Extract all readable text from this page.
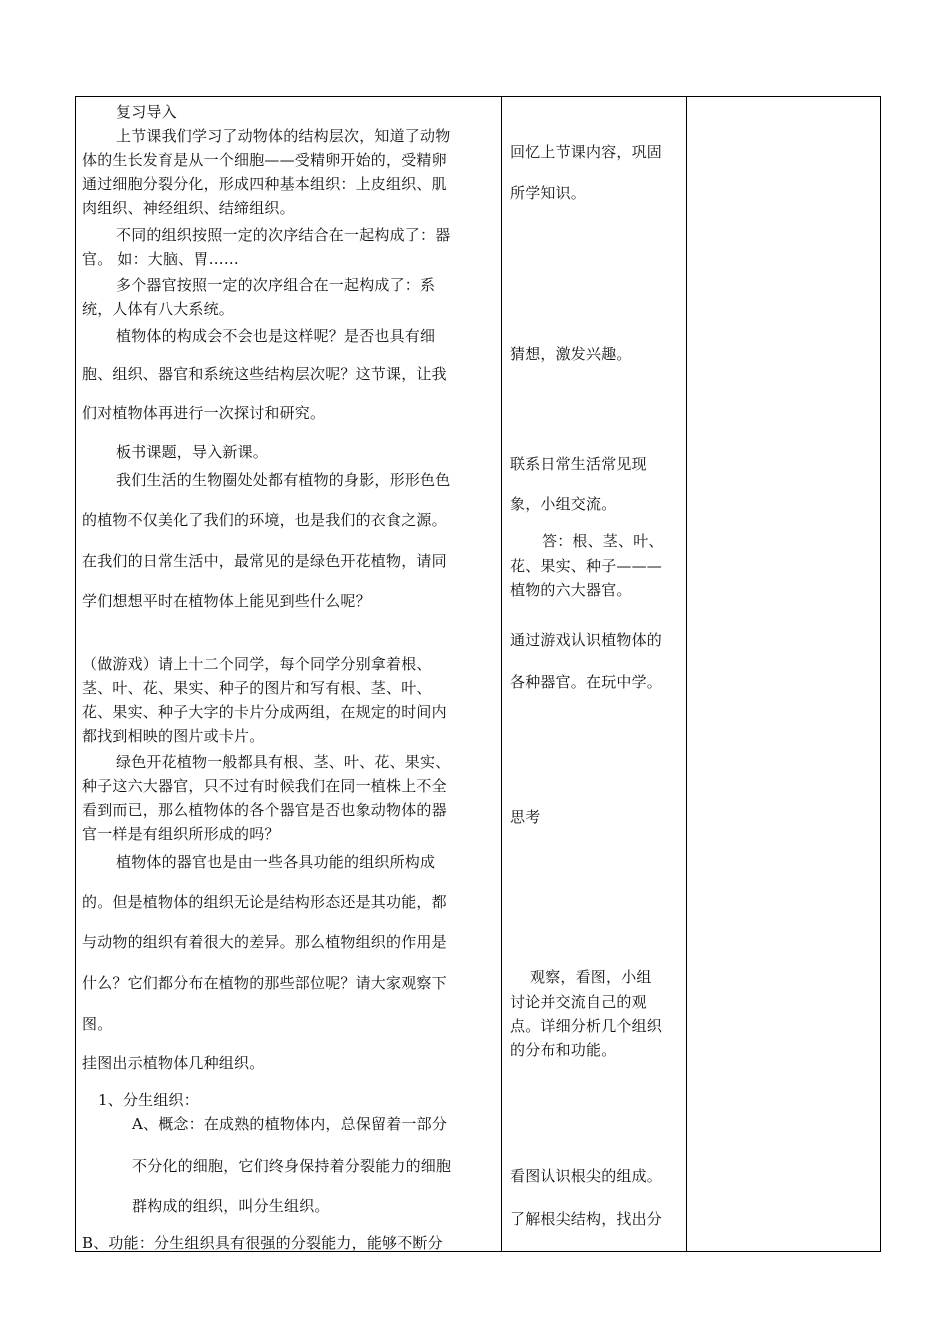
复习导入
上节课我们学习了动物体的结构层次，知道了动物
体的生长发育是从一个细胞——受精卵开始的，受精卵
通过细胞分裂分化，形成四种基本组织：上皮组织、肌
肉组织、神经组织、结缔组织。
不同的组织按照一定的次序结合在一起构成了：器
官。 如：大脑、胃……
多个器官按照一定的次序组合在一起构成了：系
统，人体有八大系统。
植物体的构成会不会也是这样呢？是否也具有细
胞、组织、器官和系统这些结构层次呢？这节课，让我
们对植物体再进行一次探讨和研究。
板书课题，导入新课。
我们生活的生物圈处处都有植物的身影，形形色色
的植物不仅美化了我们的环境，也是我们的衣食之源。
在我们的日常生活中，最常见的是绿色开花植物，请同
学们想想平时在植物体上能见到些什么呢？
（做游戏）请上十二个同学，每个同学分别拿着根、
茎、叶、花、果实、种子的图片和写有根、茎、叶、
花、果实、种子大字的卡片分成两组，在规定的时间内
都找到相映的图片或卡片。
绿色开花植物一般都具有根、茎、叶、花、果实、
种子这六大器官，只不过有时候我们在同一植株上不全
看到而已，那么植物体的各个器官是否也象动物体的器
官一样是有组织所形成的吗？
植物体的器官也是由一些各具功能的组织所构成
的。但是植物体的组织无论是结构形态还是其功能，都
与动物的组织有着很大的差异。那么植物组织的作用是
什么？它们都分布在植物的那些部位呢？请大家观察下
图。
挂图出示植物体几种组织。
1、分生组织：
A、概念：在成熟的植物体内，总保留着一部分
不分化的细胞，它们终身保持着分裂能力的细胞
群构成的组织，叫分生组织。
B、功能：分生组织具有很强的分裂能力，能够不断分
回忆上节课内容，巩固
所学知识。
猜想，激发兴趣。
联系日常生活常见现
象，小组交流。
答：根、茎、叶、
花、果实、种子———
植物的六大器官。
通过游戏认识植物体的
各种器官。在玩中学。
思考
观察，看图，小组
讨论并交流自己的观
点。详细分析几个组织
的分布和功能。
看图认识根尖的组成。
了解根尖结构，找出分
